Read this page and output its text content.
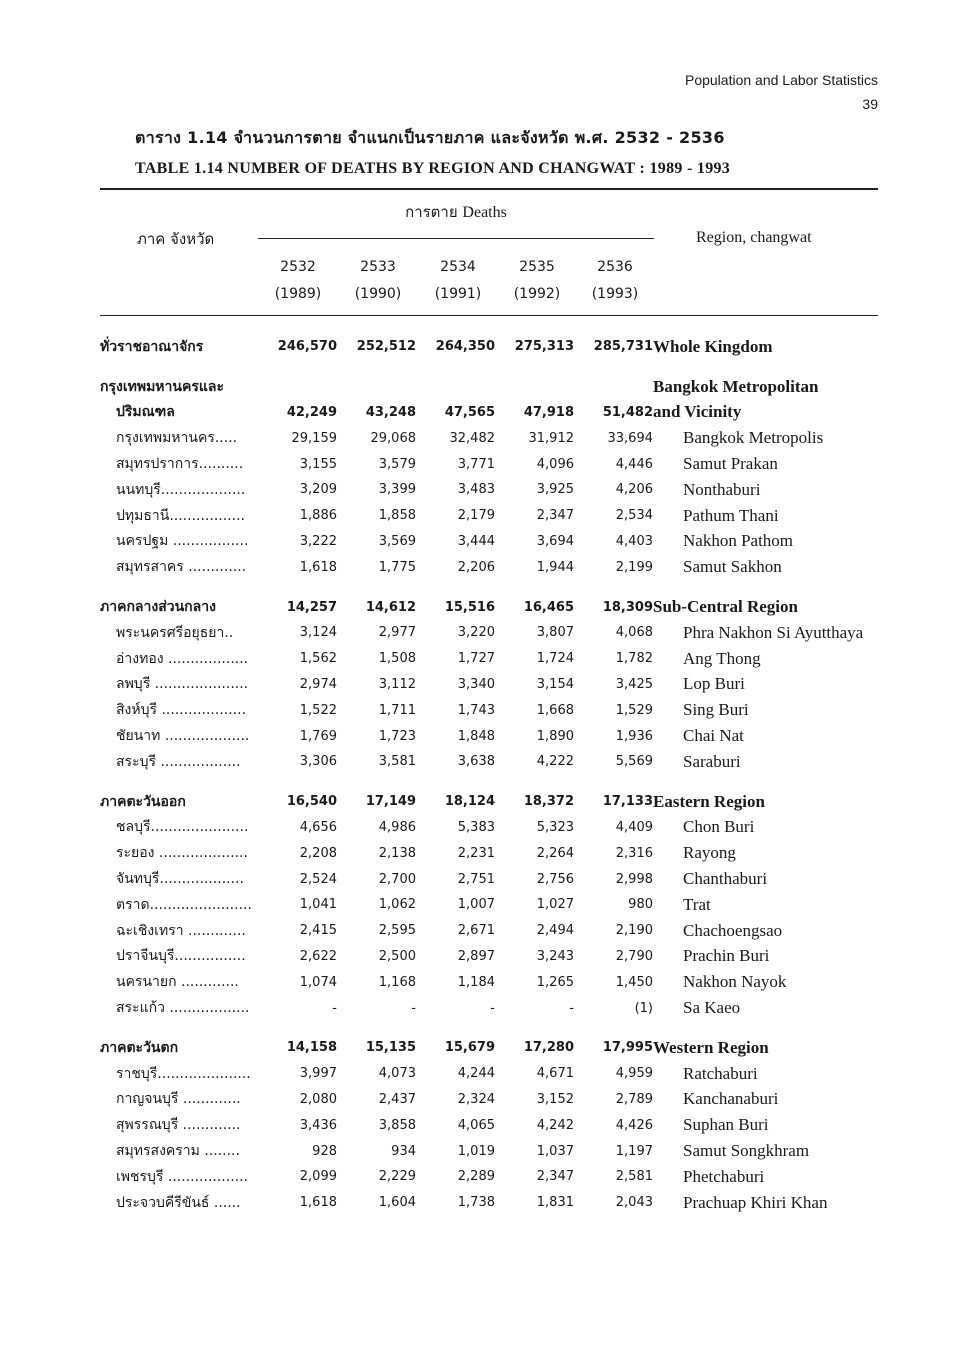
Population and Labor Statistics
39
ตาราง 1.14 จำนวนการตาย จำแนกเป็นรายภาค และจังหวัด พ.ศ. 2532 - 2536
TABLE 1.14 NUMBER OF DEATHS BY REGION AND CHANGWAT : 1989 - 1993
ภาค จังหวัด
การตาย Deaths
Region, changwat
2532	2533	2534	2535	2536
(1989)	(1990)	(1991)	(1992)	(1993)
ทั่วราชอาณาจักร	246,570	252,512	264,350	275,313	285,731	Whole Kingdom

กรุงเทพมหานครและ						Bangkok Metropolitan
ปริมณฑล	42,249	43,248	47,565	47,918	51,482	and Vicinity
กรุงเทพมหานคร.....	29,159	29,068	32,482	31,912	33,694	Bangkok Metropolis
สมุทรปราการ..........	3,155	3,579	3,771	4,096	4,446	Samut Prakan
นนทบุรี...................	3,209	3,399	3,483	3,925	4,206	Nonthaburi
ปทุมธานี.................	1,886	1,858	2,179	2,347	2,534	Pathum Thani
นครปฐม .................	3,222	3,569	3,444	3,694	4,403	Nakhon Pathom
สมุทรสาคร .............	1,618	1,775	2,206	1,944	2,199	Samut Sakhon

ภาคกลางส่วนกลาง	14,257	14,612	15,516	16,465	18,309	Sub-Central Region
พระนครศรีอยุธยา..	3,124	2,977	3,220	3,807	4,068	Phra Nakhon Si Ayutthaya
อ่างทอง ..................	1,562	1,508	1,727	1,724	1,782	Ang Thong
ลพบุรี .....................	2,974	3,112	3,340	3,154	3,425	Lop Buri
สิงห์บุรี ...................	1,522	1,711	1,743	1,668	1,529	Sing Buri
ชัยนาท ...................	1,769	1,723	1,848	1,890	1,936	Chai Nat
สระบุรี ..................	3,306	3,581	3,638	4,222	5,569	Saraburi

ภาคตะวันออก	16,540	17,149	18,124	18,372	17,133	Eastern Region
ชลบุรี......................	4,656	4,986	5,383	5,323	4,409	Chon Buri
ระยอง ....................	2,208	2,138	2,231	2,264	2,316	Rayong
จันทบุรี...................	2,524	2,700	2,751	2,756	2,998	Chanthaburi
ตราด.......................	1,041	1,062	1,007	1,027	980	Trat
ฉะเชิงเทรา .............	2,415	2,595	2,671	2,494	2,190	Chachoengsao
ปราจีนบุรี................	2,622	2,500	2,897	3,243	2,790	Prachin Buri
นครนายก .............	1,074	1,168	1,184	1,265	1,450	Nakhon Nayok
สระแก้ว ..................	-	-	-	-	(1)	Sa Kaeo

ภาคตะวันตก	14,158	15,135	15,679	17,280	17,995	Western Region
ราชบุรี.....................	3,997	4,073	4,244	4,671	4,959	Ratchaburi
กาญจนบุรี .............	2,080	2,437	2,324	3,152	2,789	Kanchanaburi
สุพรรณบุรี .............	3,436	3,858	4,065	4,242	4,426	Suphan Buri
สมุทรสงคราม ........	928	934	1,019	1,037	1,197	Samut Songkhram
เพชรบุรี ..................	2,099	2,229	2,289	2,347	2,581	Phetchaburi
ประจวบคีรีขันธ์ ......	1,618	1,604	1,738	1,831	2,043	Prachuap Khiri Khan
